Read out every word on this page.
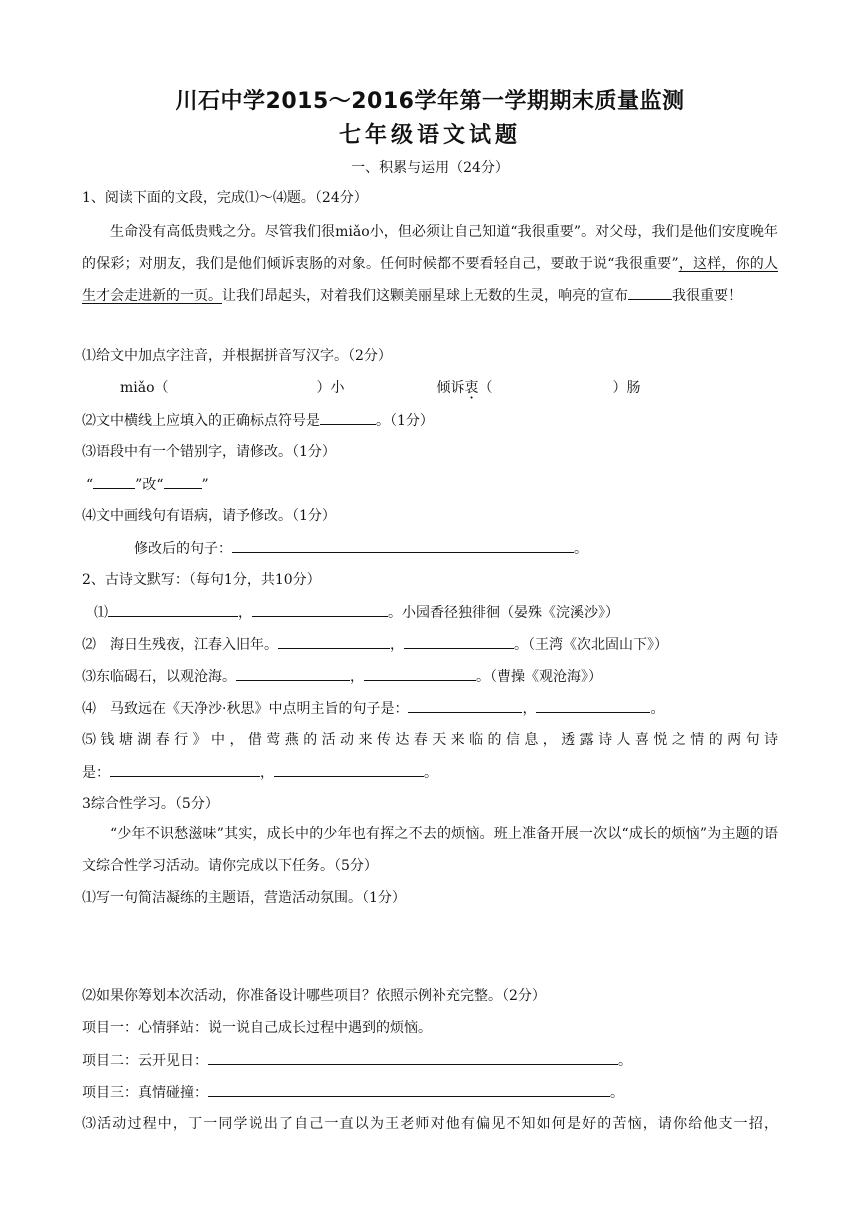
川石中学2015～2016学年第一学期期末质量监测
七年级语文试题
一、积累与运用（24分）
1、阅读下面的文段，完成⑴～⑷题。（24分）
生命没有高低贵贱之分。尽管我们很miǎo小，但必须让自己知道“我很重要”。对父母，我们是他们安度晚年的保彩；对朋友，我们是他们倾诉衷肠的对象。任何时候都不要看轻自己，要敢于说“我很重要”，这样，你的人生才会走进新的一页。让我们昂起头，对着我们这颗美丽星球上无数的生灵，响亮的宣布	我很重要！
⑴给文中加点字注音，并根据拼音写汉字。（2分）
miǎo（	）小	倾诉衷（	）肠
⑵文中横线上应填入的正确标点符号是	。（1分）
⑶语段中有一个错别字，请修改。（1分）
“	”改“	”
⑷文中画线句有语病，请予修改。（1分）
修改后的句子：	。
2、古诗文默写：（每句1分，共10分）
⑴	，	。小园香径独徘徊（晏殊《浣溪沙》）
⑵　海日生残夜，江春入旧年。	，	。（王湾《次北固山下》）
⑶东临碣石，以观沧海。	，	。（曹操《观沧海》）
⑷　马致远在《天净沙·秋思》中点明主旨的句子是：	，	。
⑸钱塘湖春行》中，借莺燕的活动来传达春天来临的信息，透露诗人喜悦之情的两句诗
是：	，	。
3综合性学习。（5分）
“少年不识愁滋味”其实，成长中的少年也有挥之不去的烦恼。班上准备开展一次以“成长的烦恼”为主题的语文综合性学习活动。请你完成以下任务。（5分）
⑴写一句简洁凝练的主题语，营造活动氛围。（1分）
⑵如果你筹划本次活动，你准备设计哪些项目？依照示例补充完整。（2分）
项目一：心情驿站：说一说自己成长过程中遇到的烦恼。
项目二：云开见日：	。
项目三：真情碰撞：	。
⑶活动过程中，丁一同学说出了自己一直以为王老师对他有偏见不知如何是好的苦恼，请你给他支一招，
